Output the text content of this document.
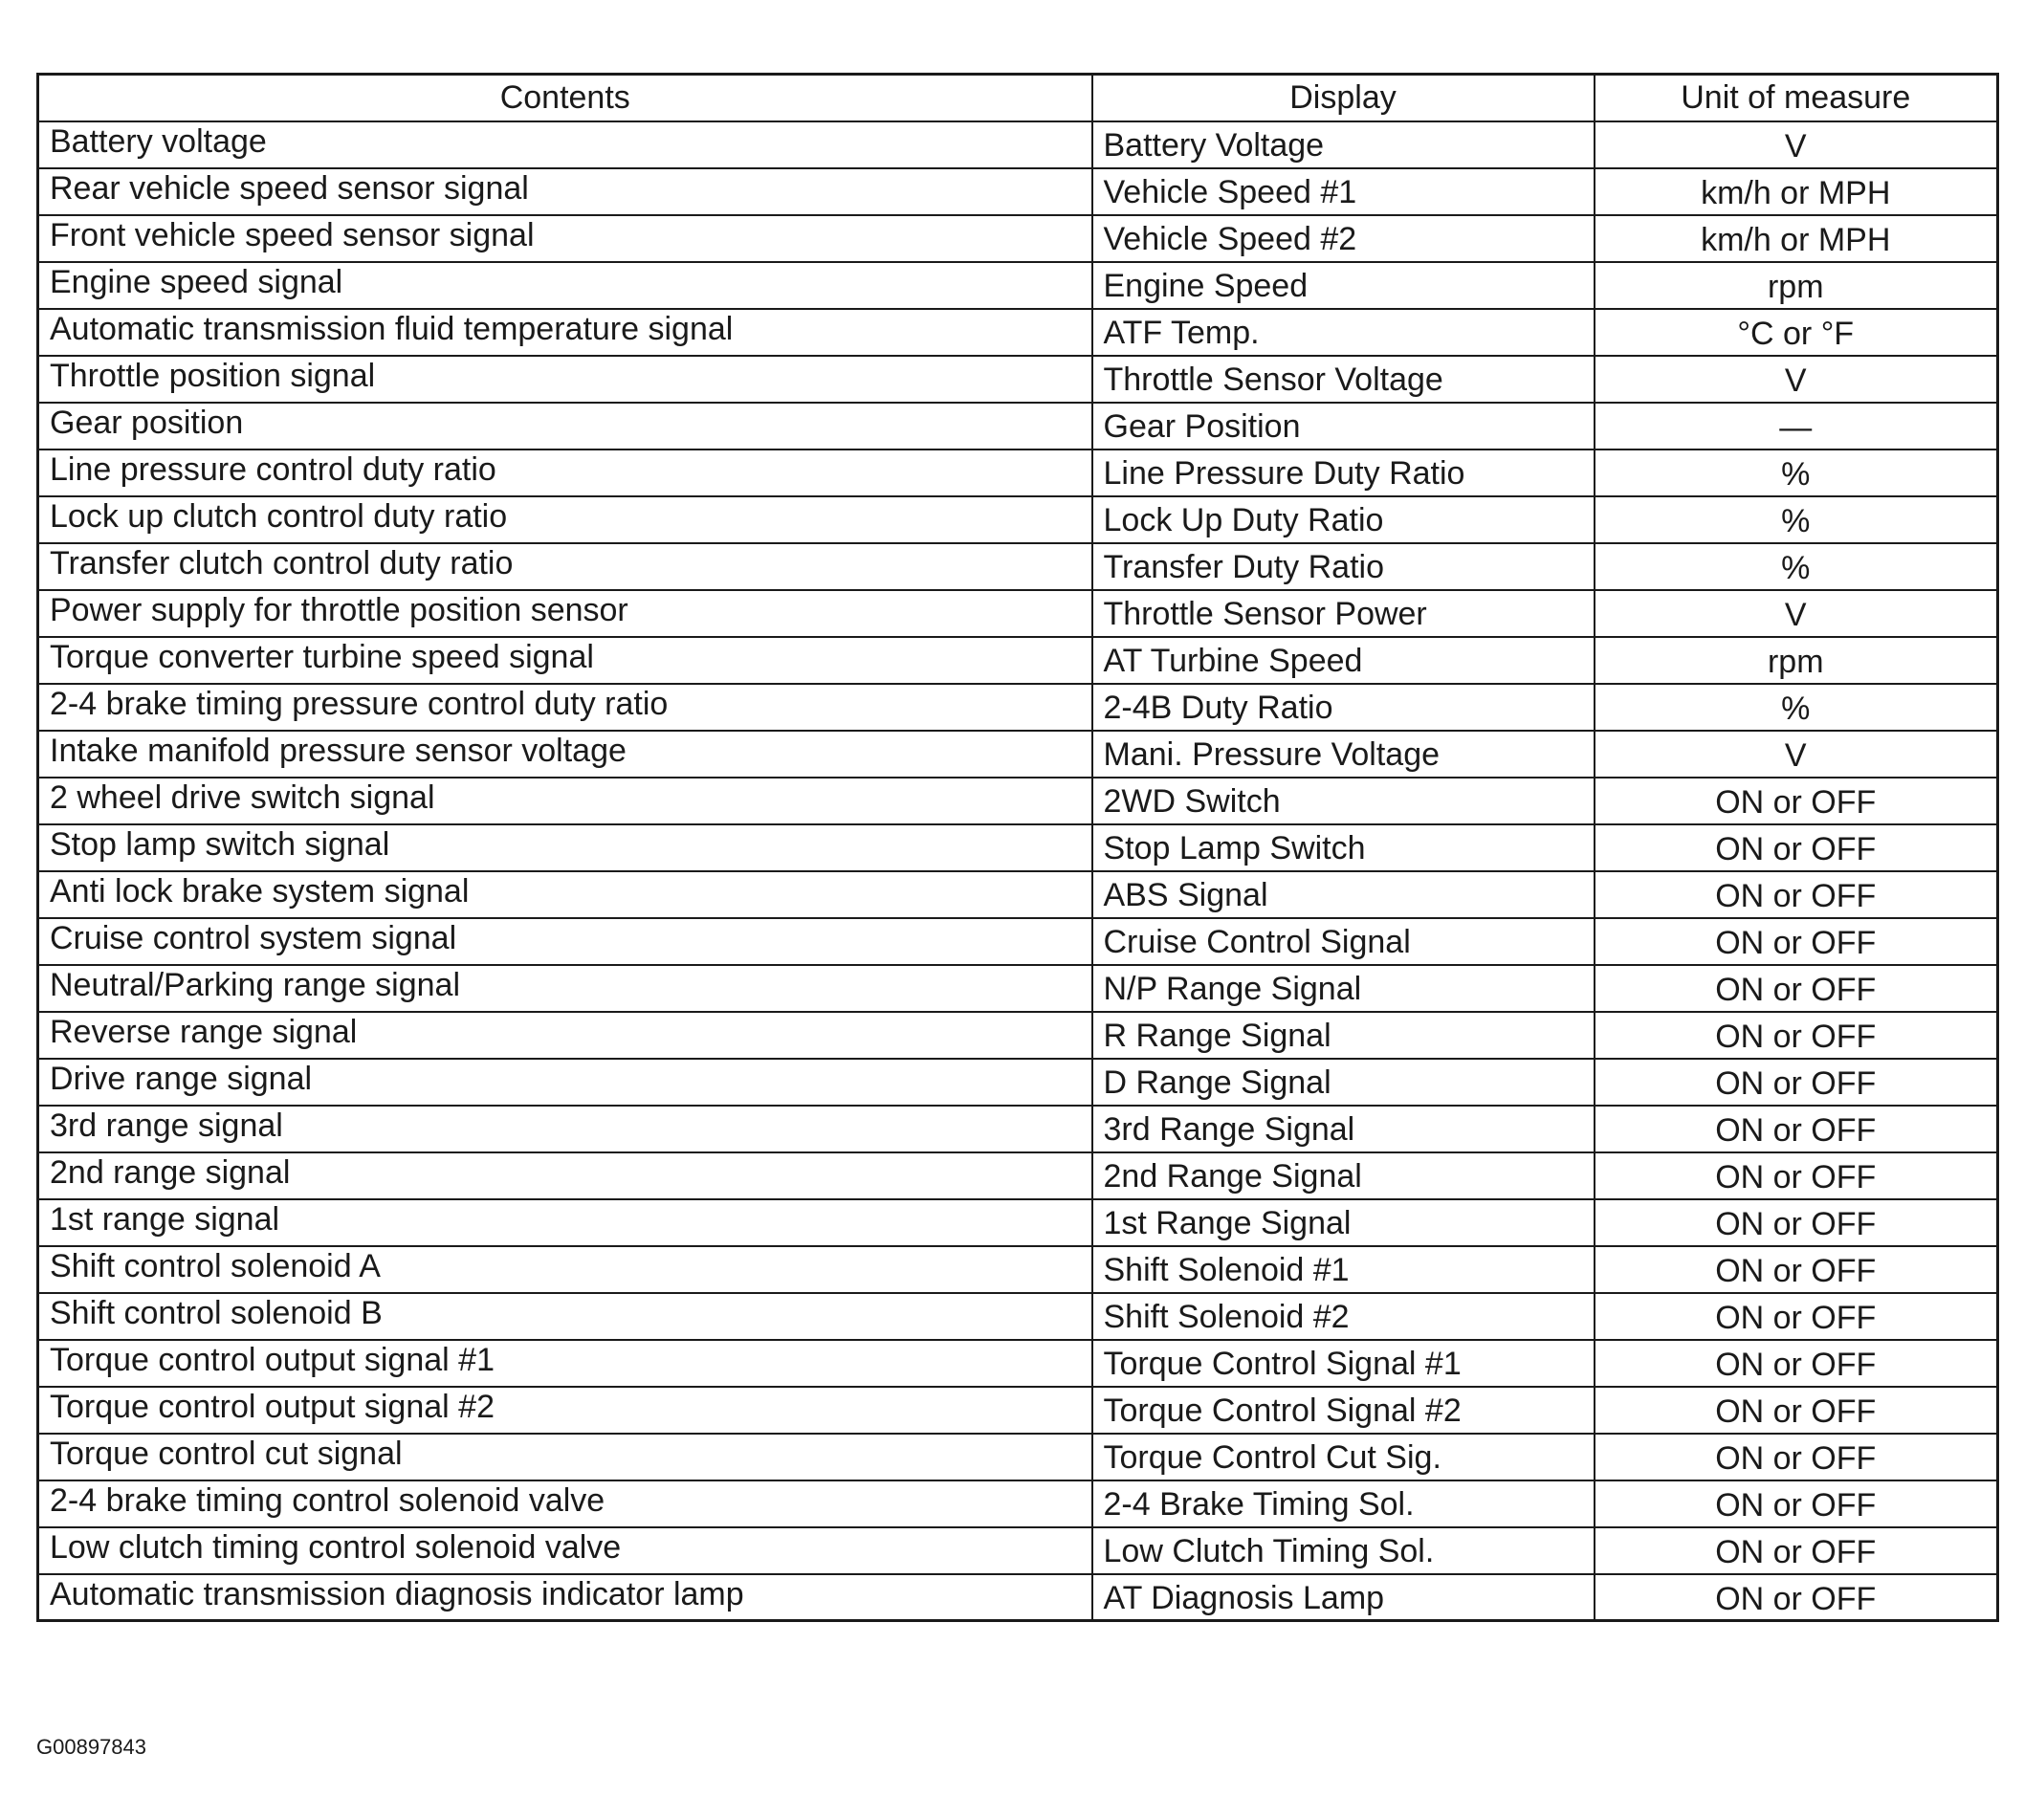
Contents	Display	Unit of measure
Battery voltage	Battery Voltage	V
Rear vehicle speed sensor signal	Vehicle Speed #1	km/h or MPH
Front vehicle speed sensor signal	Vehicle Speed #2	km/h or MPH
Engine speed signal	Engine Speed	rpm
Automatic transmission fluid temperature signal	ATF Temp.	°C or °F
Throttle position signal	Throttle Sensor Voltage	V
Gear position	Gear Position	—
Line pressure control duty ratio	Line Pressure Duty Ratio	%
Lock up clutch control duty ratio	Lock Up Duty Ratio	%
Transfer clutch control duty ratio	Transfer Duty Ratio	%
Power supply for throttle position sensor	Throttle Sensor Power	V
Torque converter turbine speed signal	AT Turbine Speed	rpm
2-4 brake timing pressure control duty ratio	2-4B Duty Ratio	%
Intake manifold pressure sensor voltage	Mani. Pressure Voltage	V
2 wheel drive switch signal	2WD Switch	ON or OFF
Stop lamp switch signal	Stop Lamp Switch	ON or OFF
Anti lock brake system signal	ABS Signal	ON or OFF
Cruise control system signal	Cruise Control Signal	ON or OFF
Neutral/Parking range signal	N/P Range Signal	ON or OFF
Reverse range signal	R Range Signal	ON or OFF
Drive range signal	D Range Signal	ON or OFF
3rd range signal	3rd Range Signal	ON or OFF
2nd range signal	2nd Range Signal	ON or OFF
1st range signal	1st Range Signal	ON or OFF
Shift control solenoid A	Shift Solenoid #1	ON or OFF
Shift control solenoid B	Shift Solenoid #2	ON or OFF
Torque control output signal #1	Torque Control Signal #1	ON or OFF
Torque control output signal #2	Torque Control Signal #2	ON or OFF
Torque control cut signal	Torque Control Cut Sig.	ON or OFF
2-4 brake timing control solenoid valve	2-4 Brake Timing Sol.	ON or OFF
Low clutch timing control solenoid valve	Low Clutch Timing Sol.	ON or OFF
Automatic transmission diagnosis indicator lamp	AT Diagnosis Lamp	ON or OFF
G00897843
